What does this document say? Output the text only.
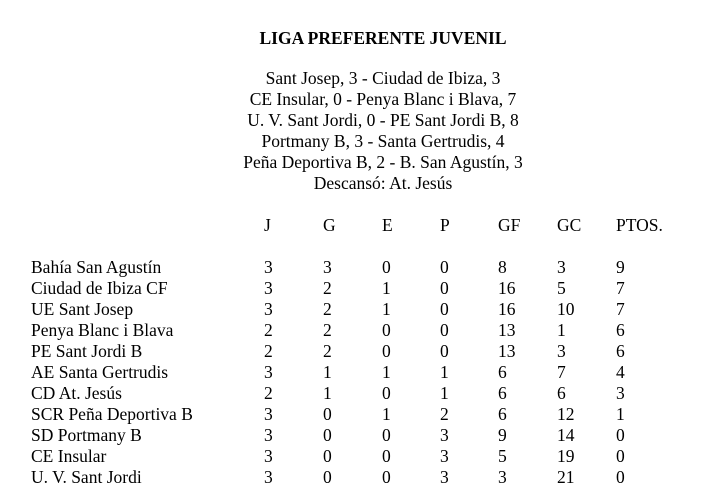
LIGA PREFERENTE JUVENIL
Sant Josep, 3 - Ciudad de Ibiza, 3
CE Insular, 0 - Penya Blanc i Blava, 7
U. V. Sant Jordi, 0 - PE Sant Jordi B, 8
Portmany B, 3 - Santa Gertrudis, 4
Peña Deportiva B, 2 - B. San Agustín, 3
Descansó: At. Jesús
J	G	E	P	GF GC PTOS.
Bahía San Agustín	3	3	0	0	8	3	9
Ciudad de Ibiza CF	3	2	1	0	16 5	7
UE Sant Josep	3	2	1	0	16 10 7
Penya Blanc i Blava	2	2	0	0	13 1	6
PE Sant Jordi B	2	2	0	0	13 3	6
AE Santa Gertrudis	3	1	1	1	6	7	4
CD At. Jesús	2	1	0	1	6	6	3
SCR Peña Deportiva B	3	0	1	2	6	12 1
SD Portmany B	3	0	0	3	9	14 0
CE Insular	3	0	0	3	5	19 0
U. V. Sant Jordi	3	0	0	3	3	21 0
